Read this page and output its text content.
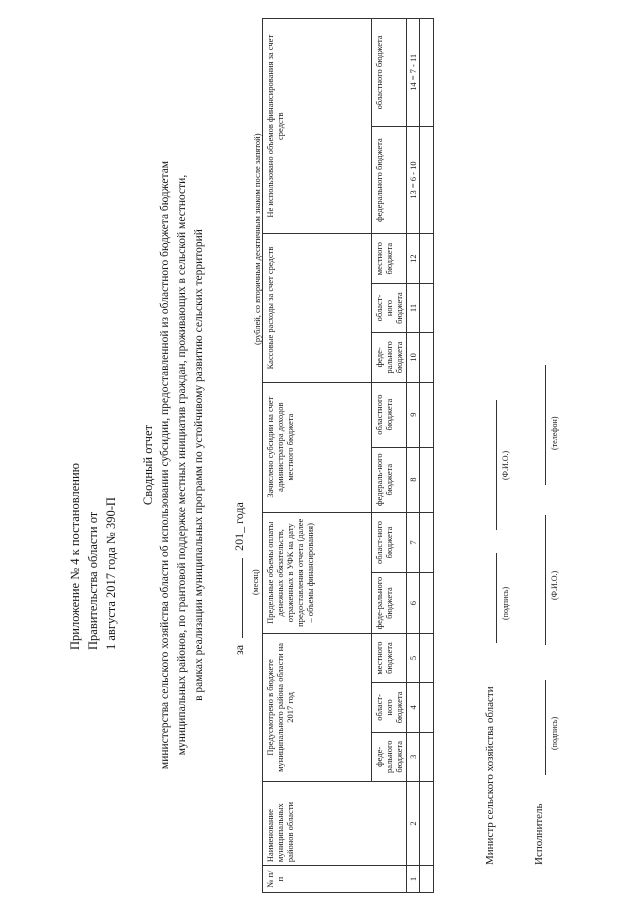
Приложение № 4 к постановлению Правительства области от 1 августа 2017 года № 390-П
Сводный отчет министерства сельского хозяйства области об использовании субсидии, предоставленной из областного бюджета бюджетам муниципальных районов, по грантовой поддержке местных инициатив граждан, проживающих в сельской местности, в рамках реализации муниципальных программ по устойчивому развитию сельских территорий за  201_ года
(месяц)
(рублей, со вторичным десятичным знаком после запятой)
№ п/п	Наименование муниципальных районов области	Предусмотрено в бюджете муниципального района области на 2017 год			Предельные объемы оплаты денежных обязательств, отраженных в УФК на дату предоставления отчета (далее – объемы финансирования)		Зачислено субсидии на счет администратора доходов местного бюджета		Кассовые расходы за счет средств			Не использовано объемов финансирования за счет средств	
		феде-рального бюджета	област-ного бюджета	местного бюджета	феде-рального бюджета	област-ного бюджета	федераль-ного бюджета	областного бюджета	феде-рального бюджета	област-ного бюджета	местного бюджета	федерального бюджета	областного бюджета
1	2	3	4	5	6	7	8	9	10	11	12	13 = 6 - 10	14 = 7 - 11

Министр сельского хозяйства области
(подпись)
(Ф.И.О.)
Исполнитель
(подпись)
(Ф.И.О.)
(телефон)
